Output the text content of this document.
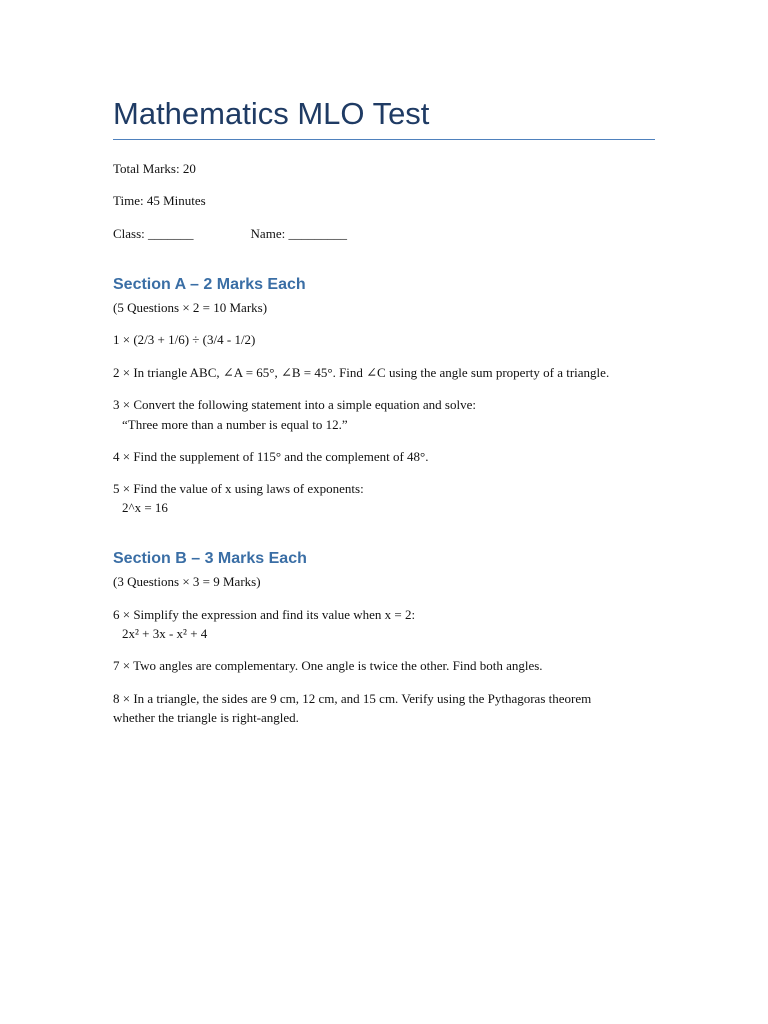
Mathematics MLO Test
Total Marks: 20
Time: 45 Minutes
Class: _______	Name: _________
Section A – 2 Marks Each
(5 Questions × 2 = 10 Marks)
1 × (2/3 + 1/6) ÷ (3/4 - 1/2)
2 × In triangle ABC, ∠A = 65°, ∠B = 45°. Find ∠C using the angle sum property of a triangle.
3 × Convert the following statement into a simple equation and solve:
“Three more than a number is equal to 12.”
4 × Find the supplement of 115° and the complement of 48°.
5 × Find the value of x using laws of exponents:
2^x = 16
Section B – 3 Marks Each
(3 Questions × 3 = 9 Marks)
6 × Simplify the expression and find its value when x = 2:
2x² + 3x - x² + 4
7 × Two angles are complementary. One angle is twice the other. Find both angles.
8 × In a triangle, the sides are 9 cm, 12 cm, and 15 cm. Verify using the Pythagoras theorem
whether the triangle is right-angled.
